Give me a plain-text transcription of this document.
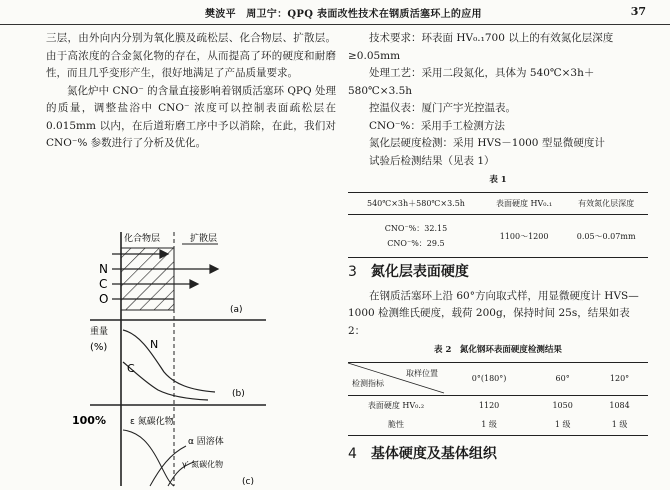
樊波平　周卫宁：QPQ 表面改性技术在钢质活塞环上的应用	37

三层，由外向内分别为氧化膜及疏松层、化合物层、扩散层。由于高浓度的合金氮化物的存在，从而提高了环的硬度和耐磨性，而且几乎变形产生，很好地满足了产品质量要求。

氮化炉中 CNO⁻ 的含量直接影响着钢质活塞环 QPQ 处理的质量，调整盐浴中 CNO⁻ 浓度可以控制表面疏松层在 0.015mm 以内，在后道珩磨工序中予以消除，在此，我们对 CNO⁻% 参数进行了分析及优化。

化合物层	扩散层
N
C
O
(a)
重量
(%)	N
C
(b)
100%	ε 氮碳化物
α 固溶体
γ′ 氮碳化物
(c)

技术要求：环表面 HV₀.₁700 以上的有效氮化层深度≥0.05mm

处理工艺：采用二段氮化，具体为 540℃×3h＋580℃×3.5h

控温仪表：厦门产宇光控温表。

CNO⁻%：采用手工检测方法

氮化层硬度检测：采用 HVS－1000 型显微硬度计

试验后检测结果（见表 1）

表 1
540℃×3h＋580℃×3.5h	表面硬度 HV₀.₁	有效氮化层深度

CNO⁻%：32.15
CNO⁻%：29.5	1100～1200	0.05～0.07mm
3 氮化层表面硬度

在钢质活塞环上沿 60°方向取式样，用显微硬度计 HVS—1000 检测维氏硬度，载荷 200g，保持时间 25s，结果如表 2：

表 2　氮化钢环表面硬度检测结果
取样位置
检测指标	0°(180°)	60°	120°
表面硬度 HV₀.₂	1120	1050	1084
脆性	1 级	1 级	1 级
4 基体硬度及基体组织
